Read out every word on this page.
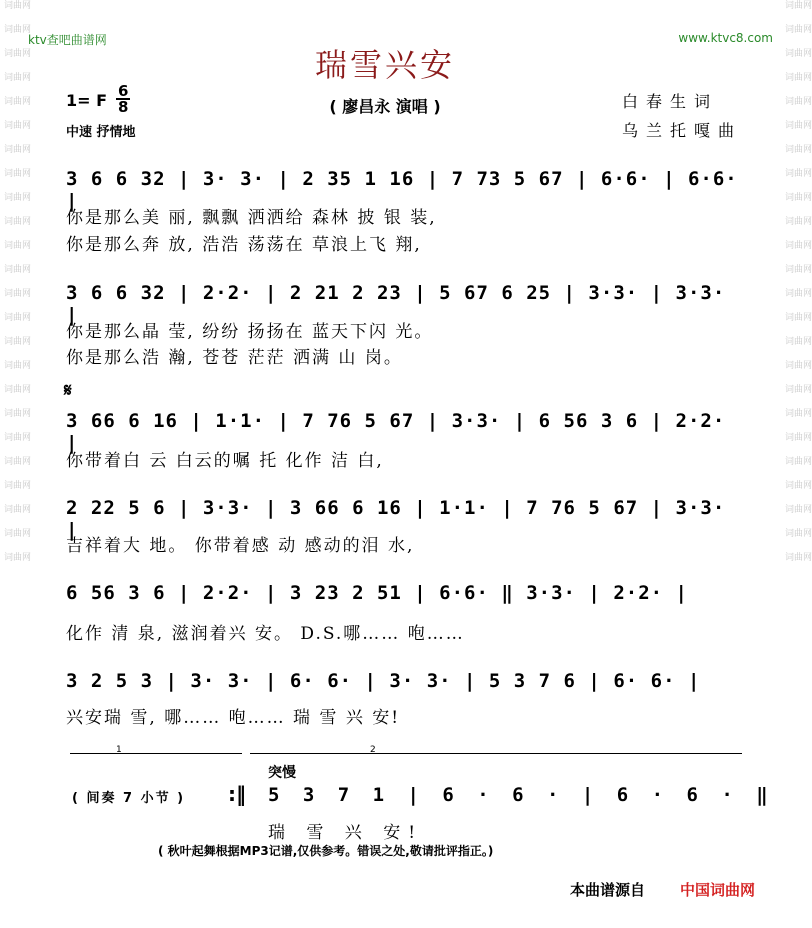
词曲网
词曲网
词曲网
词曲网
词曲网
词曲网
词曲网
词曲网
词曲网
词曲网
词曲网
词曲网
词曲网
词曲网
词曲网
词曲网
词曲网
词曲网
词曲网
词曲网
词曲网
词曲网
词曲网
词曲网
词曲网
词曲网
词曲网
词曲网
词曲网
词曲网
词曲网
词曲网
词曲网
词曲网
词曲网
词曲网
词曲网
词曲网
词曲网
词曲网
词曲网
词曲网
词曲网
词曲网
词曲网
词曲网
词曲网
词曲网
ktv查吧曲谱网	www.ktvc8.com
瑞雪兴安
( 廖昌永 演唱 )
1= F 6
8
中速 抒情地
白春生词
乌兰托嘎曲
3 6 6 32 | 3· 3· | 2 35 1 16 | 7 73 5 67 | 6·6· | 6·6· |
你是那么美 丽, 飘飘 洒洒给 森林 披 银 装,
你是那么奔 放, 浩浩 荡荡在 草浪上飞 翔,
3 6 6 32 | 2·2· | 2 21 2 23 | 5 67 6 25 | 3·3· | 3·3· |
你是那么晶 莹, 纷纷 扬扬在 蓝天下闪 光。
你是那么浩 瀚, 苍苍 茫茫 洒满 山 岗。
𝄋
3 66 6 16 | 1·1· | 7 76 5 67 | 3·3· | 6 56 3 6 | 2·2· |
你带着白 云 白云的嘱 托 化作 洁 白,
2 22 5 6 | 3·3· | 3 66 6 16 | 1·1· | 7 76 5 67 | 3·3· |
吉祥着大 地。 你带着感 动 感动的泪 水,
6 56 3 6 | 2·2· | 3 23 2 51 | 6·6· ‖ 3·3· | 2·2· |
化作 清 泉, 滋润着兴 安。 D.S.哪…… 咆……
3 2 5 3 | 3· 3· | 6· 6· | 3· 3· | 5 3 7 6 | 6· 6· |
兴安瑞 雪, 哪…… 咆…… 瑞 雪 兴 安!
1	2
( 间奏 7 小节 ) :‖
突慢
5 3 7 1 | 6 · 6 · | 6 · 6 · ‖
瑞 雪 兴 安!
( 秋叶起舞根据MP3记谱,仅供参考。错误之处,敬请批评指正。)
本曲谱源自 中国词曲网
